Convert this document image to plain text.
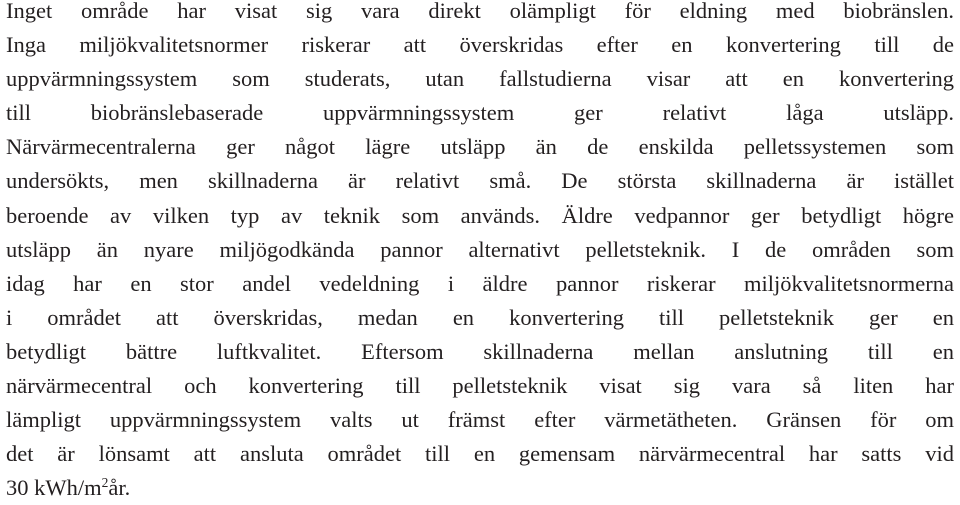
Inget område har visat sig vara direkt olämpligt för eldning med biobränslen.
Inga miljökvalitetsnormer riskerar att överskridas efter en konvertering till de
uppvärmningssystem som studerats, utan fallstudierna visar att en konvertering
till biobränslebaserade uppvärmningssystem ger relativt låga utsläpp.
Närvärmecentralerna ger något lägre utsläpp än de enskilda pelletssystemen som
undersökts, men skillnaderna är relativt små. De största skillnaderna är istället
beroende av vilken typ av teknik som används. Äldre vedpannor ger betydligt högre
utsläpp än nyare miljögodkända pannor alternativt pelletsteknik. I de områden som
idag har en stor andel vedeldning i äldre pannor riskerar miljökvalitetsnormerna
i området att överskridas, medan en konvertering till pelletsteknik ger en
betydligt bättre luftkvalitet. Eftersom skillnaderna mellan anslutning till en
närvärmecentral och konvertering till pelletsteknik visat sig vara så liten har
lämpligt uppvärmningssystem valts ut främst efter värmetätheten. Gränsen för om
det är lönsamt att ansluta området till en gemensam närvärmecentral har satts vid
30 kWh/$m^2år$.
